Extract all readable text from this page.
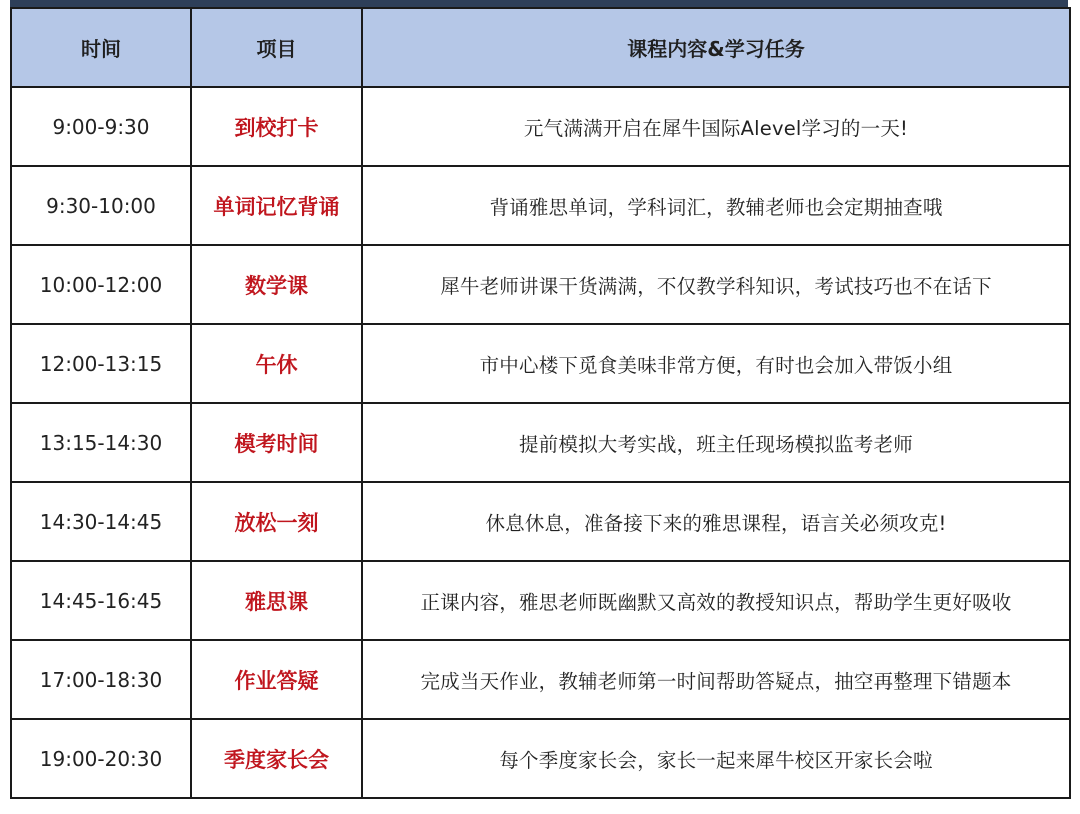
时间	项目	课程内容&学习任务
9:00-9:30	到校打卡	元气满满开启在犀牛国际Alevel学习的一天!
9:30-10:00	单词记忆背诵	背诵雅思单词，学科词汇，教辅老师也会定期抽查哦
10:00-12:00	数学课	犀牛老师讲课干货满满，不仅教学科知识，考试技巧也不在话下
12:00-13:15	午休	市中心楼下觅食美味非常方便，有时也会加入带饭小组
13:15-14:30	模考时间	提前模拟大考实战，班主任现场模拟监考老师
14:30-14:45	放松一刻	休息休息，准备接下来的雅思课程，语言关必须攻克!
14:45-16:45	雅思课	正课内容，雅思老师既幽默又高效的教授知识点，帮助学生更好吸收
17:00-18:30	作业答疑	完成当天作业，教辅老师第一时间帮助答疑点，抽空再整理下错题本
19:00-20:30	季度家长会	每个季度家长会，家长一起来犀牛校区开家长会啦
